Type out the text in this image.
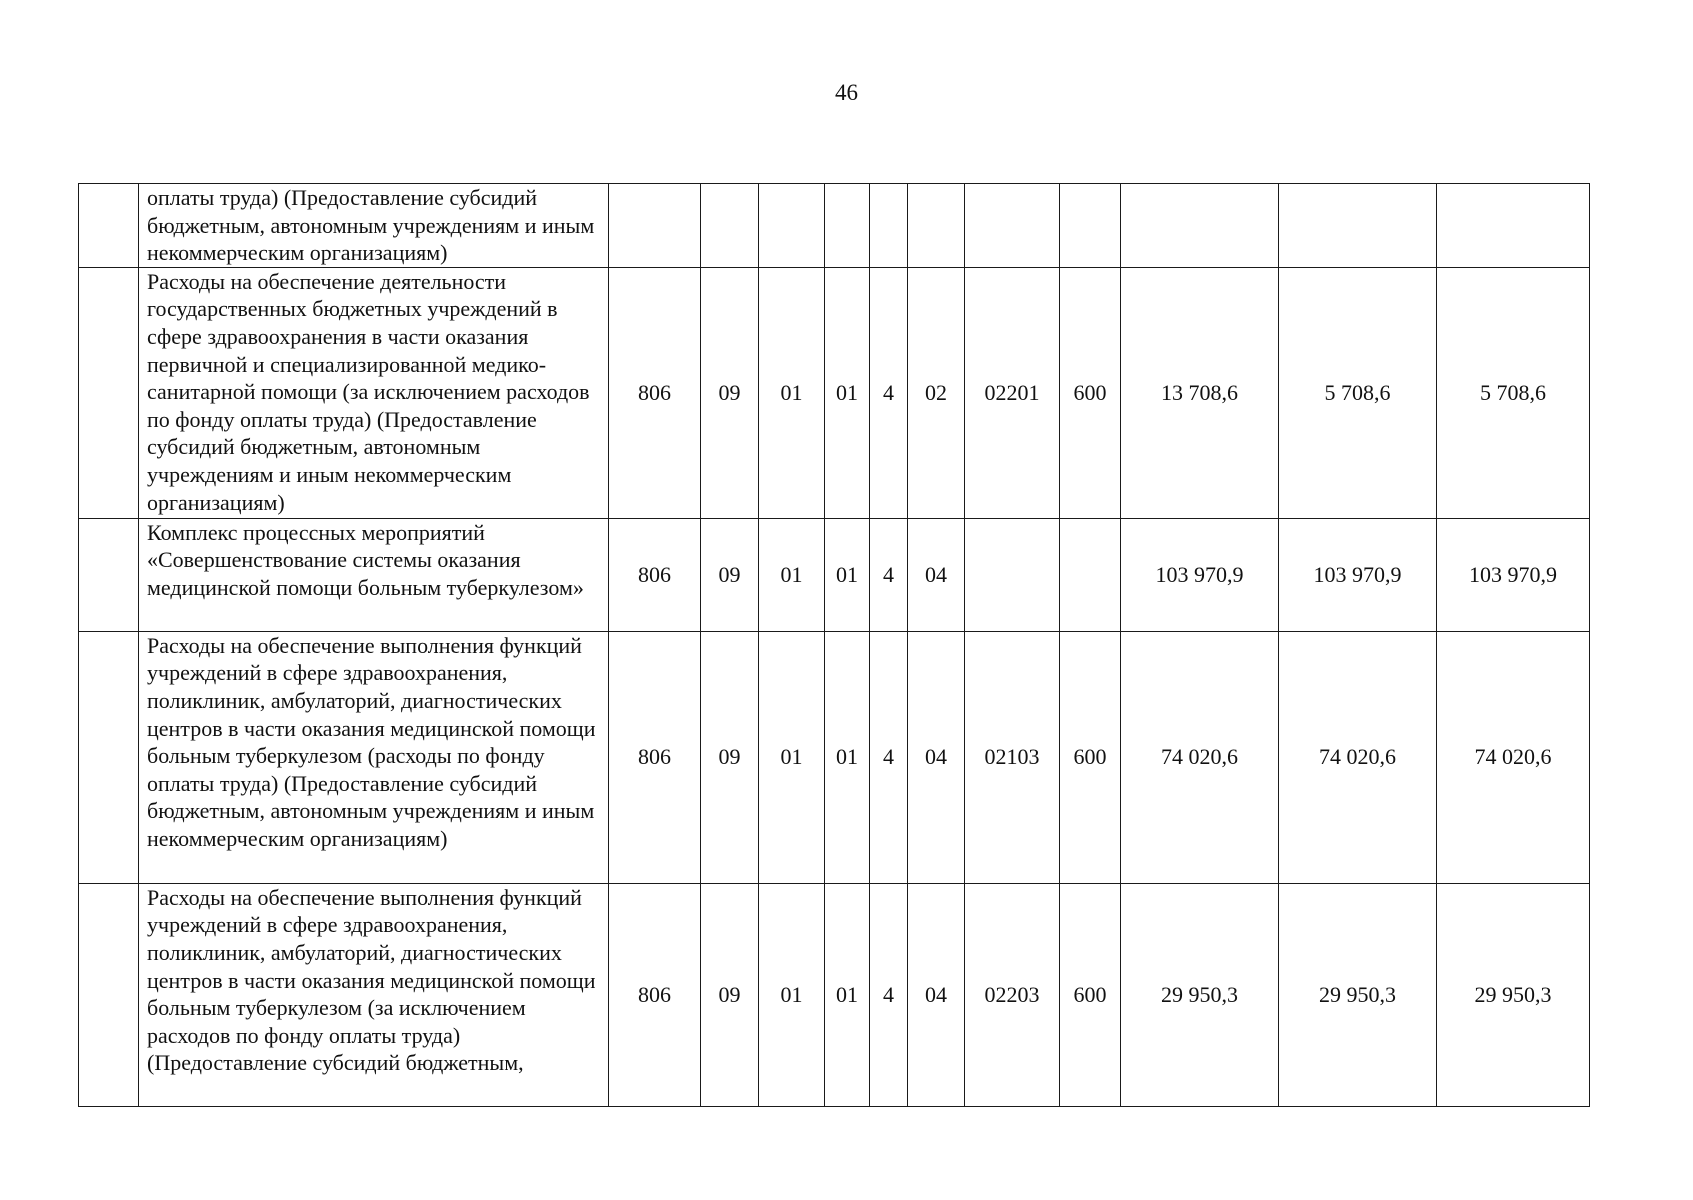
46
	оплаты труда) (Предоставление субсидий бюджетным, автономным учреждениям и иным некоммерческим организациям)											
	Расходы на обеспечение деятельности государственных бюджетных учреждений в сфере здравоохранения в части оказания первичной и специализированной медико-санитарной помощи (за исключением расходов по фонду оплаты труда) (Предоставление субсидий бюджетным, автономным учреждениям и иным некоммерческим организациям)	806	09	01	01	4	02	02201	600	13 708,6	5 708,6	5 708,6
	Комплекс процессных мероприятий «Совершенствование системы оказания медицинской помощи больным туберкулезом»	806	09	01	01	4	04			103 970,9	103 970,9	103 970,9
	Расходы на обеспечение выполнения функций учреждений в сфере здравоохранения, поликлиник, амбулаторий, диагностических центров в части оказания медицинской помощи больным туберкулезом (расходы по фонду оплаты труда) (Предоставление субсидий бюджетным, автономным учреждениям и иным некоммерческим организациям)	806	09	01	01	4	04	02103	600	74 020,6	74 020,6	74 020,6
	Расходы на обеспечение выполнения функций учреждений в сфере здравоохранения, поликлиник, амбулаторий, диагностических центров в части оказания медицинской помощи больным туберкулезом (за исключением расходов по фонду оплаты труда) (Предоставление субсидий бюджетным,	806	09	01	01	4	04	02203	600	29 950,3	29 950,3	29 950,3
